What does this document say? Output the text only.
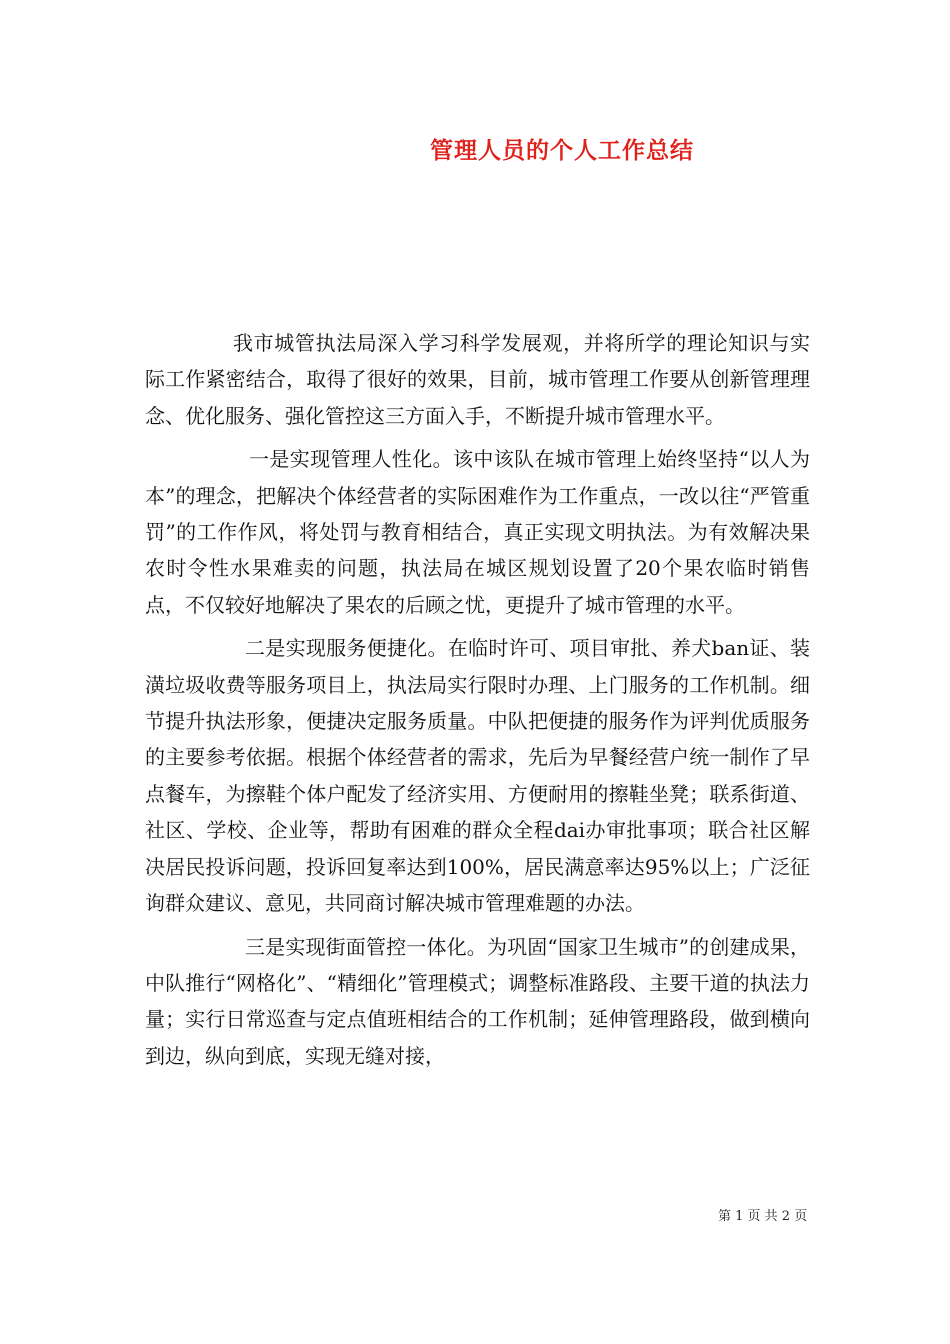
管理人员的个人工作总结

我市城管执法局深入学习科学发展观，并将所学的理论知识与实际工作紧密结合，取得了很好的效果，目前，城市管理工作要从创新管理理念、优化服务、强化管控这三方面入手，不断提升城市管理水平。

一是实现管理人性化。该中该队在城市管理上始终坚持“以人为本”的理念，把解决个体经营者的实际困难作为工作重点，一改以往“严管重罚”的工作作风，将处罚与教育相结合，真正实现文明执法。为有效解决果农时令性水果难卖的问题，执法局在城区规划设置了20个果农临时销售点，不仅较好地解决了果农的后顾之忧，更提升了城市管理的水平。

二是实现服务便捷化。在临时许可、项目审批、养犬ban证、装潢垃圾收费等服务项目上，执法局实行限时办理、上门服务的工作机制。细节提升执法形象，便捷决定服务质量。中队把便捷的服务作为评判优质服务的主要参考依据。根据个体经营者的需求，先后为早餐经营户统一制作了早点餐车，为擦鞋个体户配发了经济实用、方便耐用的擦鞋坐凳；联系街道、社区、学校、企业等，帮助有困难的群众全程dai办审批事项；联合社区解决居民投诉问题，投诉回复率达到100%，居民满意率达95%以上；广泛征询群众建议、意见，共同商讨解决城市管理难题的办法。

三是实现街面管控一体化。为巩固“国家卫生城市”的创建成果，中队推行“网格化”、“精细化”管理模式；调整标准路段、主要干道的执法力量；实行日常巡查与定点值班相结合的工作机制；延伸管理路段，做到横向到边，纵向到底，实现无缝对接，

第 1 页 共 2 页
